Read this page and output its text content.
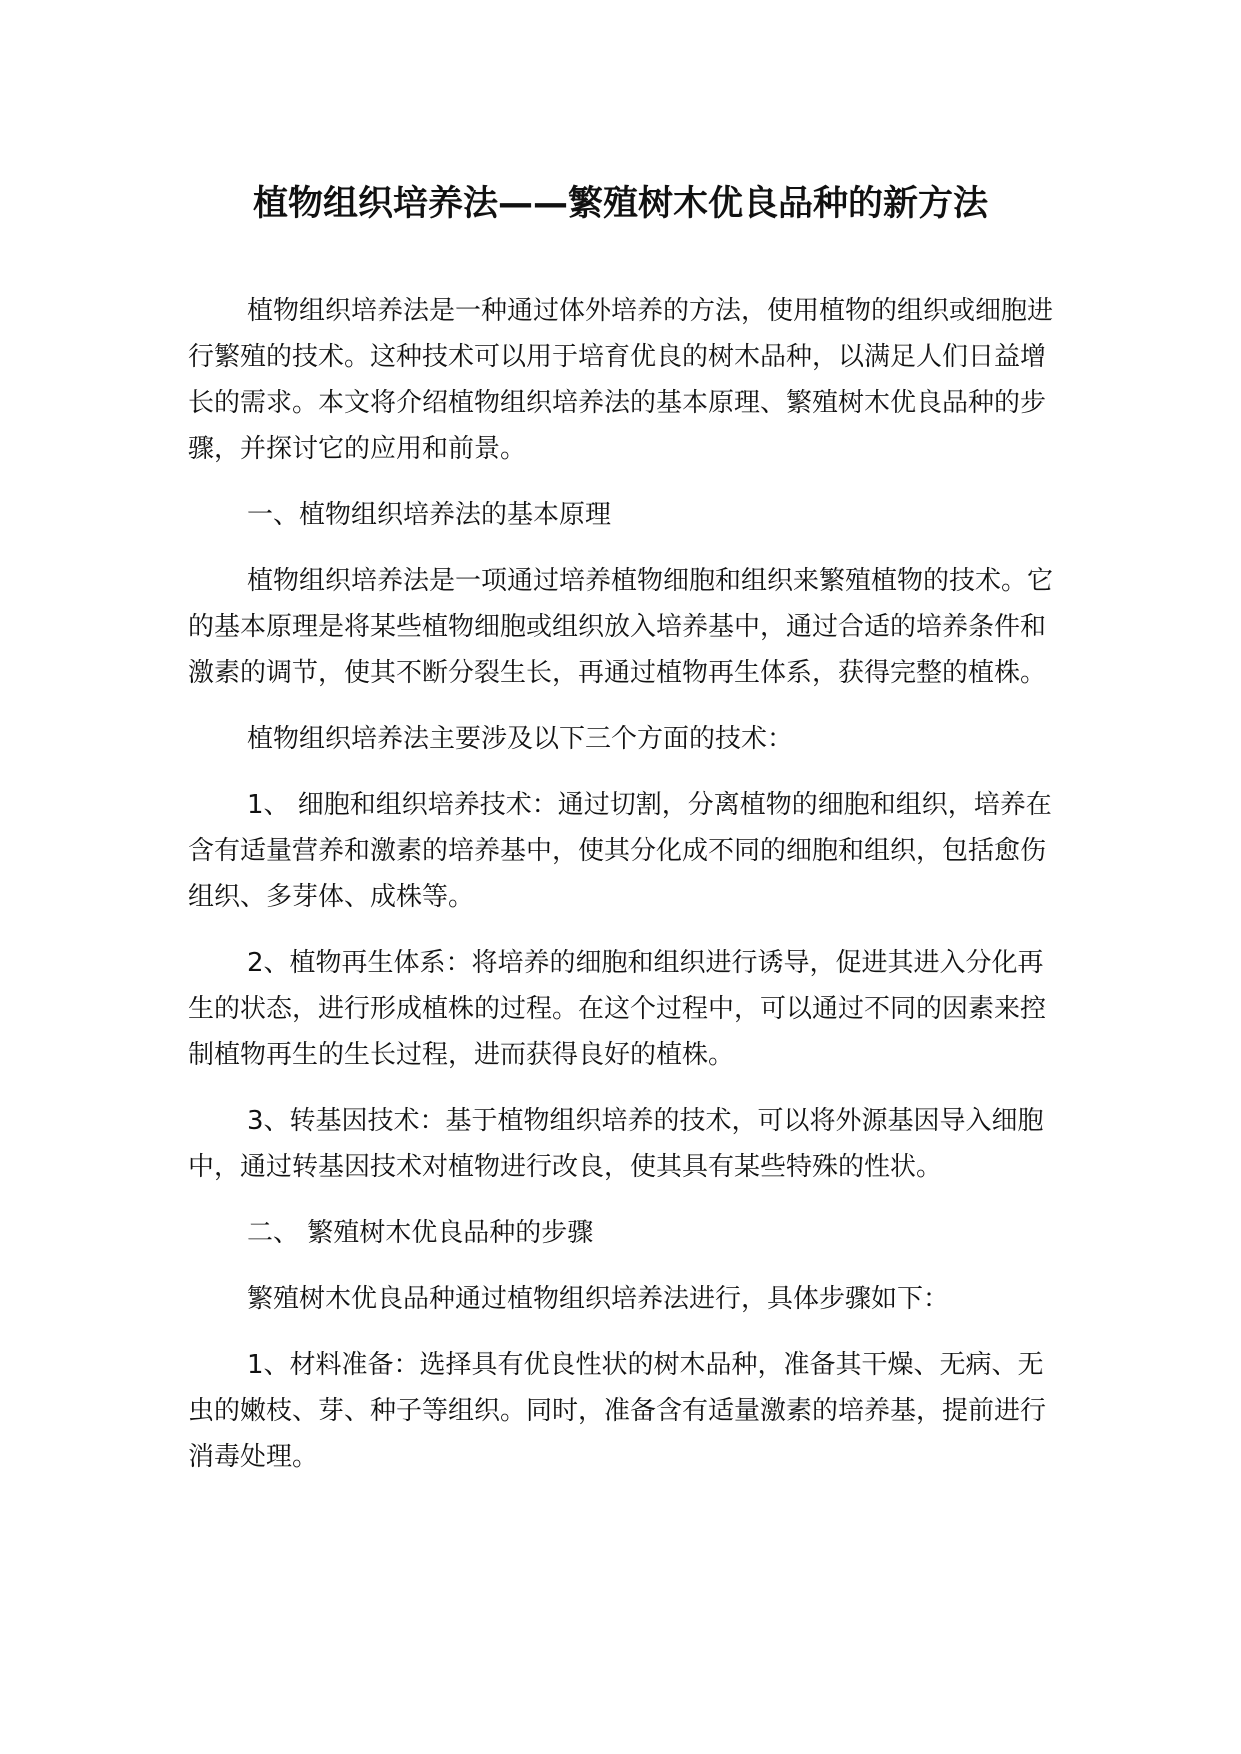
植物组织培养法——繁殖树木优良品种的新方法

植物组织培养法是一种通过体外培养的方法，使用植物的组织或细胞进行繁殖的技术。这种技术可以用于培育优良的树木品种，以满足人们日益增长的需求。本文将介绍植物组织培养法的基本原理、繁殖树木优良品种的步骤，并探讨它的应用和前景。

一、植物组织培养法的基本原理

植物组织培养法是一项通过培养植物细胞和组织来繁殖植物的技术。它的基本原理是将某些植物细胞或组织放入培养基中，通过合适的培养条件和激素的调节，使其不断分裂生长，再通过植物再生体系，获得完整的植株。

植物组织培养法主要涉及以下三个方面的技术：

1、 细胞和组织培养技术：通过切割，分离植物的细胞和组织，培养在含有适量营养和激素的培养基中，使其分化成不同的细胞和组织，包括愈伤组织、多芽体、成株等。

2、植物再生体系：将培养的细胞和组织进行诱导，促进其进入分化再生的状态，进行形成植株的过程。在这个过程中，可以通过不同的因素来控制植物再生的生长过程，进而获得良好的植株。

3、转基因技术：基于植物组织培养的技术，可以将外源基因导入细胞中，通过转基因技术对植物进行改良，使其具有某些特殊的性状。

二、 繁殖树木优良品种的步骤

繁殖树木优良品种通过植物组织培养法进行，具体步骤如下：

1、材料准备：选择具有优良性状的树木品种，准备其干燥、无病、无虫的嫩枝、芽、种子等组织。同时，准备含有适量激素的培养基，提前进行消毒处理。
